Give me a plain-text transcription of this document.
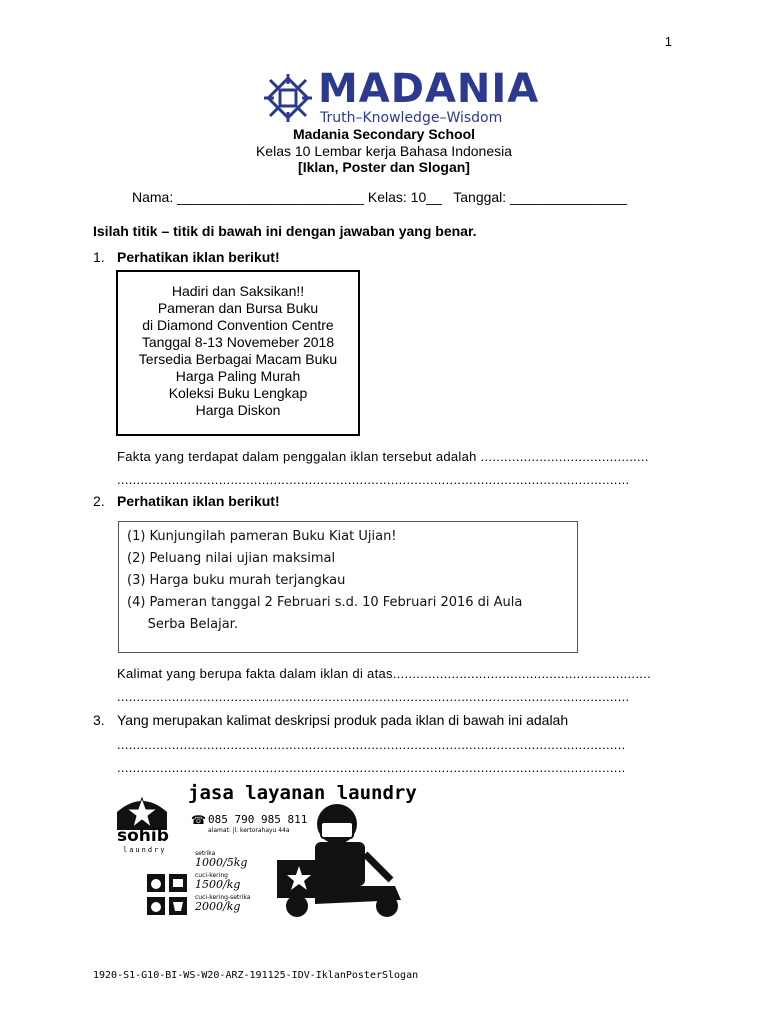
1
MADANIA
Truth–Knowledge–Wisdom
Madania Secondary School
Kelas 10 Lembar kerja Bahasa Indonesia
[Iklan, Poster dan Slogan]
Nama: ________________________ Kelas: 10__   Tanggal: _______________
Isilah titik – titik di bawah ini dengan jawaban yang benar.
1. Perhatikan iklan berikut!
Hadiri dan Saksikan!!
Pameran dan Bursa Buku
di Diamond Convention Centre
Tanggal 8-13 Novemeber 2018
Tersedia Berbagai Macam Buku
Harga Paling Murah
Koleksi Buku Lengkap
Harga Diskon
Fakta yang terdapat dalam penggalan iklan tersebut adalah ...........................................
...................................................................................................................................
2. Perhatikan iklan berikut!
(1) Kunjungilah pameran Buku Kiat Ujian!
(2) Peluang nilai ujian maksimal
(3) Harga buku murah terjangkau
(4) Pameran tanggal 2 Februari s.d. 10 Februari 2016 di Aula
Serba Belajar.
Kalimat yang berupa fakta dalam iklan di atas..................................................................
...................................................................................................................................
3. Yang merupakan kalimat deskripsi produk pada iklan di bawah ini adalah
..................................................................................................................................
..................................................................................................................................
sohib
laundry
jasa layanan laundry
☎ 085 790 985 811
alamat: jl. kertorahayu 44a
setrika
1000/5kg
cuci-kering
1500/kg
cuci-kering-setrika
2000/kg
1920-S1-G10-BI-WS-W20-ARZ-191125-IDV-IklanPosterSlogan
